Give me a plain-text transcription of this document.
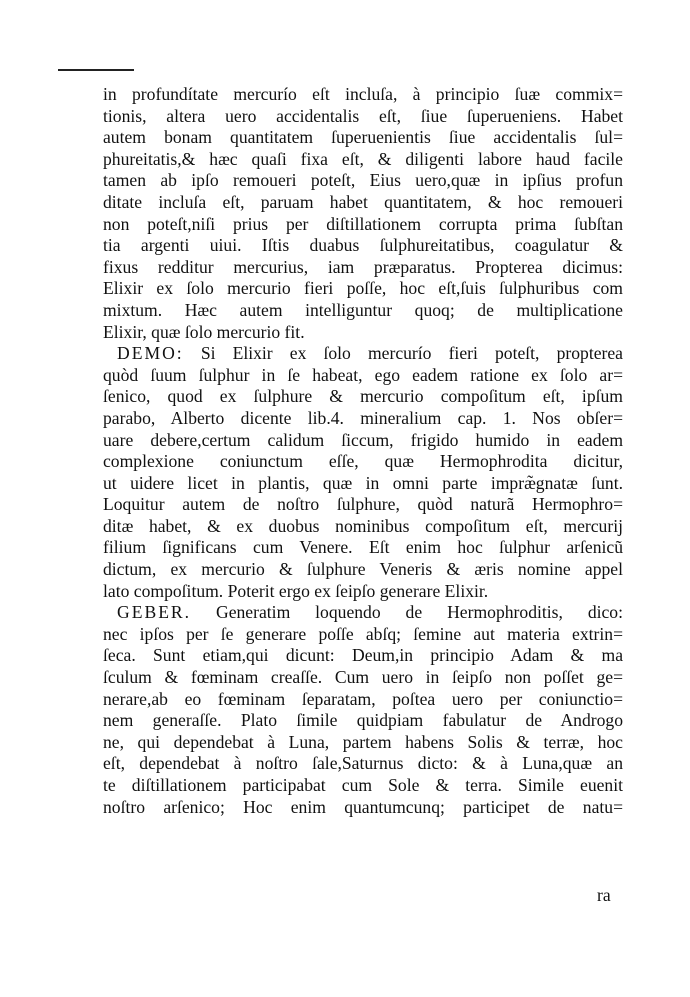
in profundítate mercurío eſt incluſa, à principio ſuæ commix=
tionis, altera uero accidentalis eſt, ſiue ſuperueniens. Habet
autem bonam quantitatem ſuperuenientis ſiue accidentalis ſul=
phureitatis,& hæc quaſi fixa eſt, & diligenti labore haud facile
tamen ab ipſo remoueri poteſt, Eius uero,quæ in ipſius profun
ditate incluſa eſt, paruam habet quantitatem, & hoc remoueri
non poteſt,niſi prius per diſtillationem corrupta prima ſubſtan
tia argenti uiui. Iſtis duabus ſulphureitatibus, coagulatur &
fixus redditur mercurius, iam præparatus. Propterea dicimus:
Elixir ex ſolo mercurio fieri poſſe, hoc eſt,ſuis ſulphuribus com
mixtum. Hæc autem intelliguntur quoq; de multiplicatione
Elixir, quæ ſolo mercurio fit.
DEMO: Si Elixir ex ſolo mercurío fieri poteſt, propterea
quòd ſuum ſulphur in ſe habeat, ego eadem ratione ex ſolo ar=
ſenico, quod ex ſulphure & mercurio compoſitum eſt, ipſum
parabo, Alberto dicente lib.4. mineralium cap. 1. Nos obſer=
uare debere,certum calidum ſiccum, frigido humido in eadem
complexione coniunctum eſſe, quæ Hermophrodita dicitur,
ut uidere licet in plantis, quæ in omni parte impræ̃gnatæ ſunt.
Loquitur autem de noſtro ſulphure, quòd naturã Hermophro=
ditæ habet, & ex duobus nominibus compoſitum eſt, mercurij
filium ſignificans cum Venere. Eſt enim hoc ſulphur arſenicũ
dictum, ex mercurio & ſulphure Veneris & æris nomine appel
lato compoſitum. Poterit ergo ex ſeipſo generare Elixir.
GEBER. Generatim loquendo de Hermophroditis, dico:
nec ipſos per ſe generare poſſe abſq; ſemine aut materia extrin=
ſeca. Sunt etiam,qui dicunt: Deum,in principio Adam & ma
ſculum & fœminam creaſſe. Cum uero in ſeipſo non poſſet ge=
nerare,ab eo fœminam ſeparatam, poſtea uero per coniunctio=
nem generaſſe. Plato ſimile quidpiam fabulatur de Androgo
ne, qui dependebat à Luna, partem habens Solis & terræ, hoc
eſt, dependebat à noſtro ſale,Saturnus dicto: & à Luna,quæ an
te diſtillationem participabat cum Sole & terra. Simile euenit
noſtro arſenico; Hoc enim quantumcunq; participet de natu=
ra
